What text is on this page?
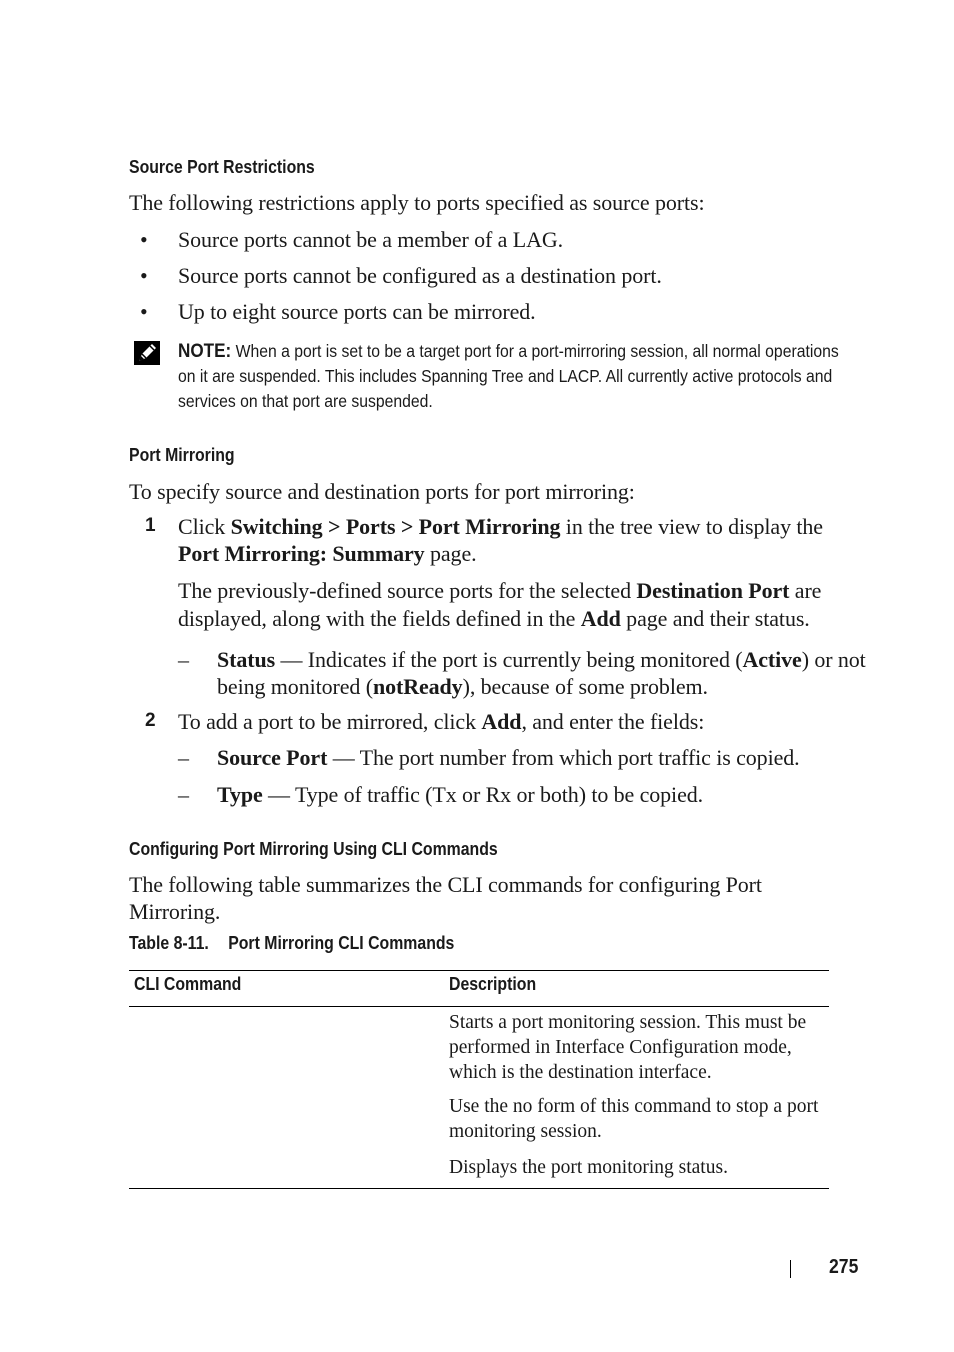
Source Port Restrictions
The following restrictions apply to ports specified as source ports:
• Source ports cannot be a member of a LAG.
• Source ports cannot be configured as a destination port.
• Up to eight source ports can be mirrored.
NOTE: When a port is set to be a target port for a port-mirroring session, all normal operations on it are suspended. This includes Spanning Tree and LACP. All currently active protocols and services on that port are suspended.
Port Mirroring
To specify source and destination ports for port mirroring:
1 Click Switching > Ports > Port Mirroring in the tree view to display the Port Mirroring: Summary page.
The previously-defined source ports for the selected Destination Port are displayed, along with the fields defined in the Add page and their status.
– Status — Indicates if the port is currently being monitored (Active) or not being monitored (notReady), because of some problem.
2 To add a port to be mirrored, click Add, and enter the fields:
– Source Port — The port number from which port traffic is copied.
– Type — Type of traffic (Tx or Rx or both) to be copied.
Configuring Port Mirroring Using CLI Commands
The following table summarizes the CLI commands for configuring Port Mirroring.
Table 8-11. Port Mirroring CLI Commands
CLI Command	Description
Starts a port monitoring session. This must be performed in Interface Configuration mode, which is the destination interface.
Use the no form of this command to stop a port monitoring session.
Displays the port monitoring status.
275
